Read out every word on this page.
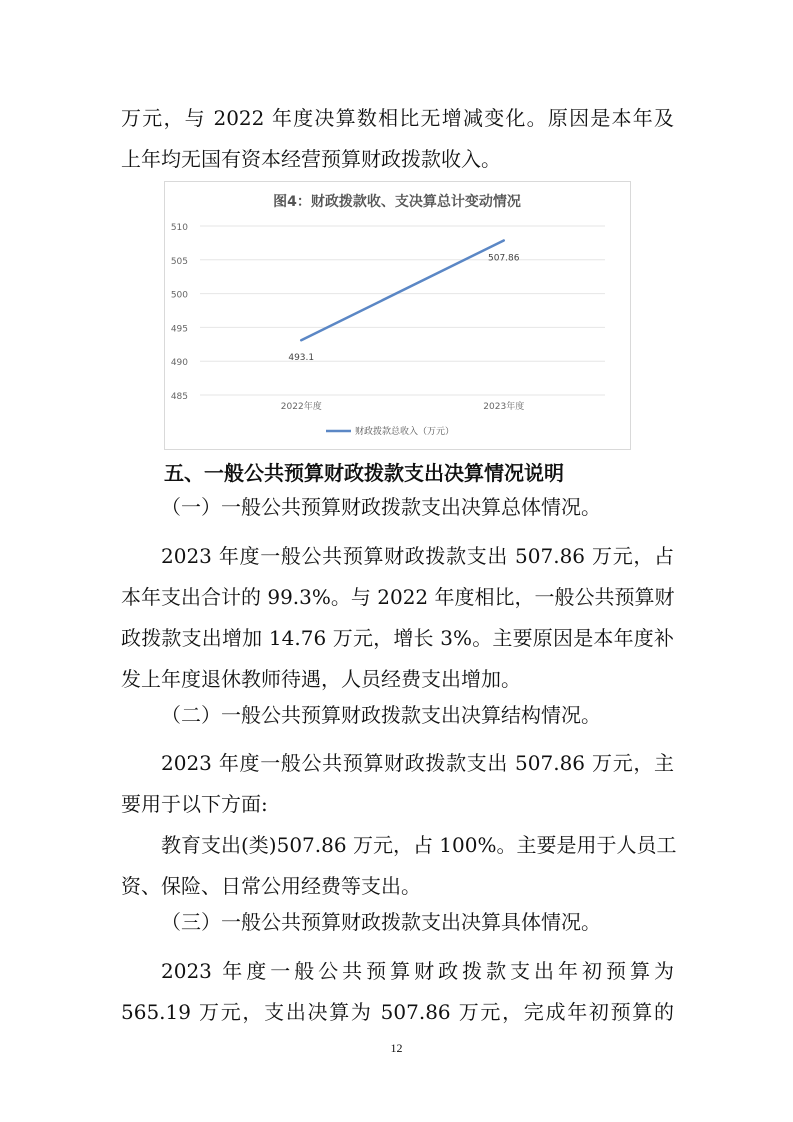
万元，与 2022 年度决算数相比无增减变化。原因是本年及
上年均无国有资本经营预算财政拨款收入。
图4：财政拨款收、支决算总计变动情况
485
490
495
500
505
510
2022年度	2023年度
493.1
507.86
财政拨款总收入（万元）
五、一般公共预算财政拨款支出决算情况说明
（一）一般公共预算财政拨款支出决算总体情况。
2023 年度一般公共预算财政拨款支出 507.86 万元，占
本年支出合计的 99.3%。与 2022 年度相比，一般公共预算财
政拨款支出增加 14.76 万元，增长 3%。主要原因是本年度补
发上年度退休教师待遇，人员经费支出增加。
（二）一般公共预算财政拨款支出决算结构情况。
2023 年度一般公共预算财政拨款支出 507.86 万元，主
要用于以下方面:
教育支出(类)507.86 万元，占 100%。主要是用于人员工
资、保险、日常公用经费等支出。
（三）一般公共预算财政拨款支出决算具体情况。
2023 年度一般公共预算财政拨款支出年初预算为
565.19 万元，支出决算为 507.86 万元，完成年初预算的
12
